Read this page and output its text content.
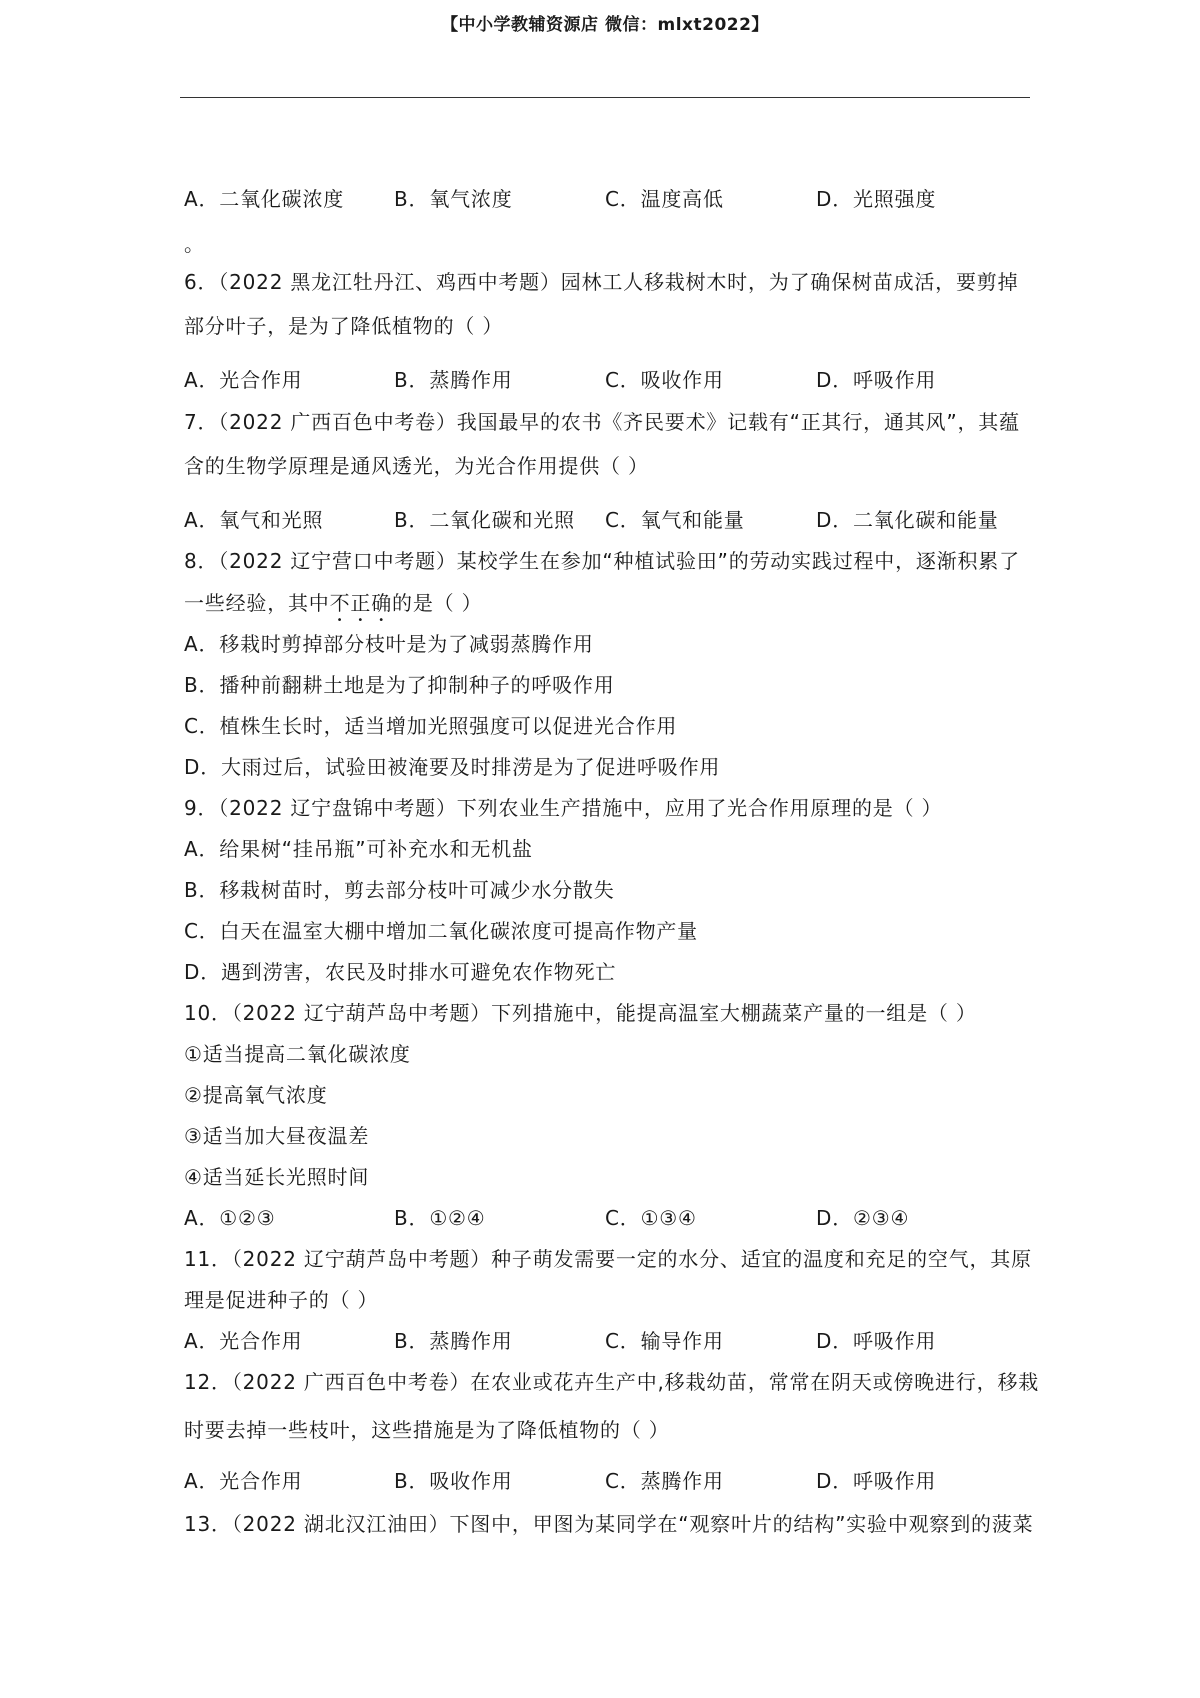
【中小学教辅资源店 微信：mlxt2022】
A．二氧化碳浓度 B．氧气浓度	C．温度高低	D．光照强度
。
6．（2022 黑龙江牡丹江、鸡西中考题）园林工人移栽树木时，为了确保树苗成活，要剪掉
部分叶子，是为了降低植物的（ ）
A．光合作用	B．蒸腾作用	C．吸收作用	D．呼吸作用
7．（2022 广西百色中考卷）我国最早的农书《齐民要术》记载有“正其行，通其风”，其蕴
含的生物学原理是通风透光，为光合作用提供（ ）
A．氧气和光照	B．二氧化碳和光照 C．氧气和能量	D．二氧化碳和能量
8．（2022 辽宁营口中考题）某校学生在参加“种植试验田”的劳动实践过程中，逐渐积累了
一些经验，其中不正确的是（ ）
A．移栽时剪掉部分枝叶是为了减弱蒸腾作用
B．播种前翻耕土地是为了抑制种子的呼吸作用
C．植株生长时，适当增加光照强度可以促进光合作用
D．大雨过后，试验田被淹要及时排涝是为了促进呼吸作用
9．（2022 辽宁盘锦中考题）下列农业生产措施中，应用了光合作用原理的是（ ）
A．给果树“挂吊瓶”可补充水和无机盐
B．移栽树苗时，剪去部分枝叶可减少水分散失
C．白天在温室大棚中增加二氧化碳浓度可提高作物产量
D．遇到涝害，农民及时排水可避免农作物死亡
10．（2022 辽宁葫芦岛中考题）下列措施中，能提高温室大棚蔬菜产量的一组是（ ）
①适当提高二氧化碳浓度
②提高氧气浓度
③适当加大昼夜温差
④适当延长光照时间
A．①②③	B．①②④	C．①③④	D．②③④
11．（2022 辽宁葫芦岛中考题）种子萌发需要一定的水分、适宜的温度和充足的空气，其原
理是促进种子的（ ）
A．光合作用	B．蒸腾作用	C．输导作用	D．呼吸作用
12．（2022 广西百色中考卷）在农业或花卉生产中,移栽幼苗，常常在阴天或傍晚进行，移栽
时要去掉一些枝叶，这些措施是为了降低植物的（ ）
A．光合作用	B．吸收作用	C．蒸腾作用	D．呼吸作用
13．（2022 湖北汉江油田）下图中，甲图为某同学在“观察叶片的结构”实验中观察到的菠菜
